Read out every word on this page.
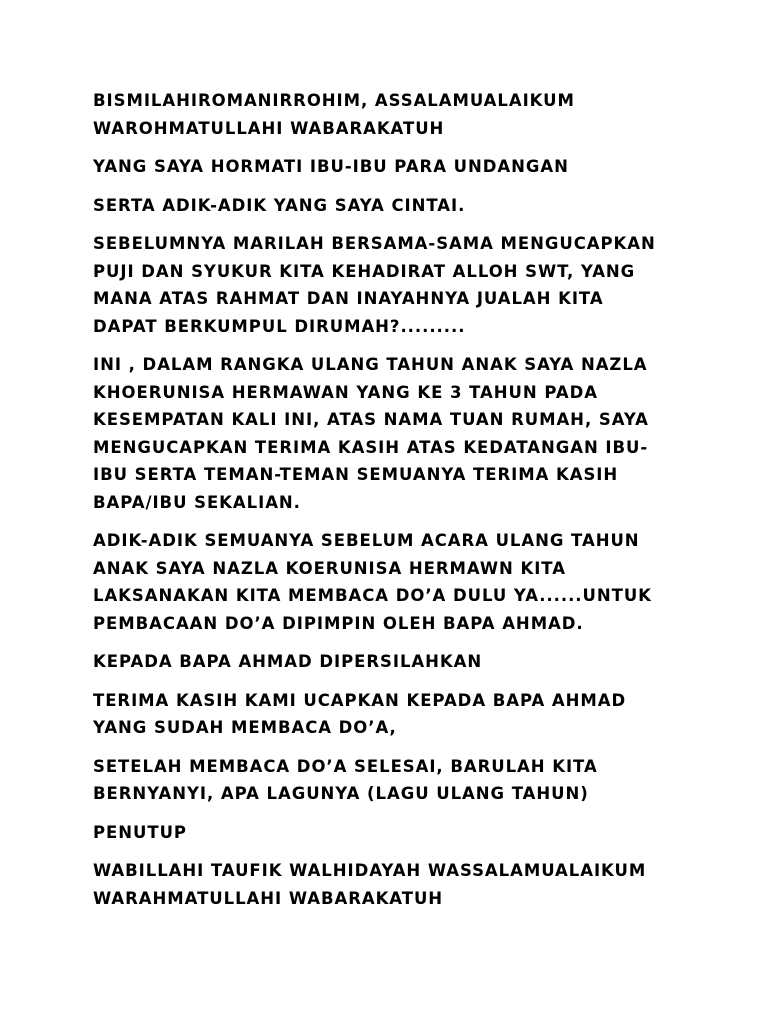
BISMILAHIROMANIRROHIM, ASSALAMUALAIKUM
WAROHMATULLAHI WABARAKATUH

YANG SAYA HORMATI IBU-IBU PARA UNDANGAN

SERTA ADIK-ADIK YANG SAYA CINTAI.

SEBELUMNYA MARILAH BERSAMA-SAMA MENGUCAPKAN
PUJI DAN SYUKUR KITA KEHADIRAT ALLOH SWT, YANG
MANA ATAS RAHMAT DAN INAYAHNYA JUALAH KITA
DAPAT BERKUMPUL DIRUMAH?.........

INI , DALAM RANGKA ULANG TAHUN ANAK SAYA NAZLA
KHOERUNISA HERMAWAN YANG KE 3 TAHUN PADA
KESEMPATAN KALI INI, ATAS NAMA TUAN RUMAH, SAYA
MENGUCAPKAN TERIMA KASIH ATAS KEDATANGAN IBU-
IBU SERTA TEMAN-TEMAN SEMUANYA TERIMA KASIH
BAPA/IBU SEKALIAN.

ADIK-ADIK SEMUANYA SEBELUM ACARA ULANG TAHUN
ANAK SAYA NAZLA KOERUNISA HERMAWN KITA
LAKSANAKAN KITA MEMBACA DO’A DULU YA......UNTUK
PEMBACAAN DO’A DIPIMPIN OLEH BAPA AHMAD.

KEPADA BAPA AHMAD DIPERSILAHKAN

TERIMA KASIH KAMI UCAPKAN KEPADA BAPA AHMAD
YANG SUDAH MEMBACA DO’A,

SETELAH MEMBACA DO’A SELESAI, BARULAH KITA
BERNYANYI, APA LAGUNYA (LAGU ULANG TAHUN)

PENUTUP

WABILLAHI TAUFIK WALHIDAYAH WASSALAMUALAIKUM
WARAHMATULLAHI WABARAKATUH
